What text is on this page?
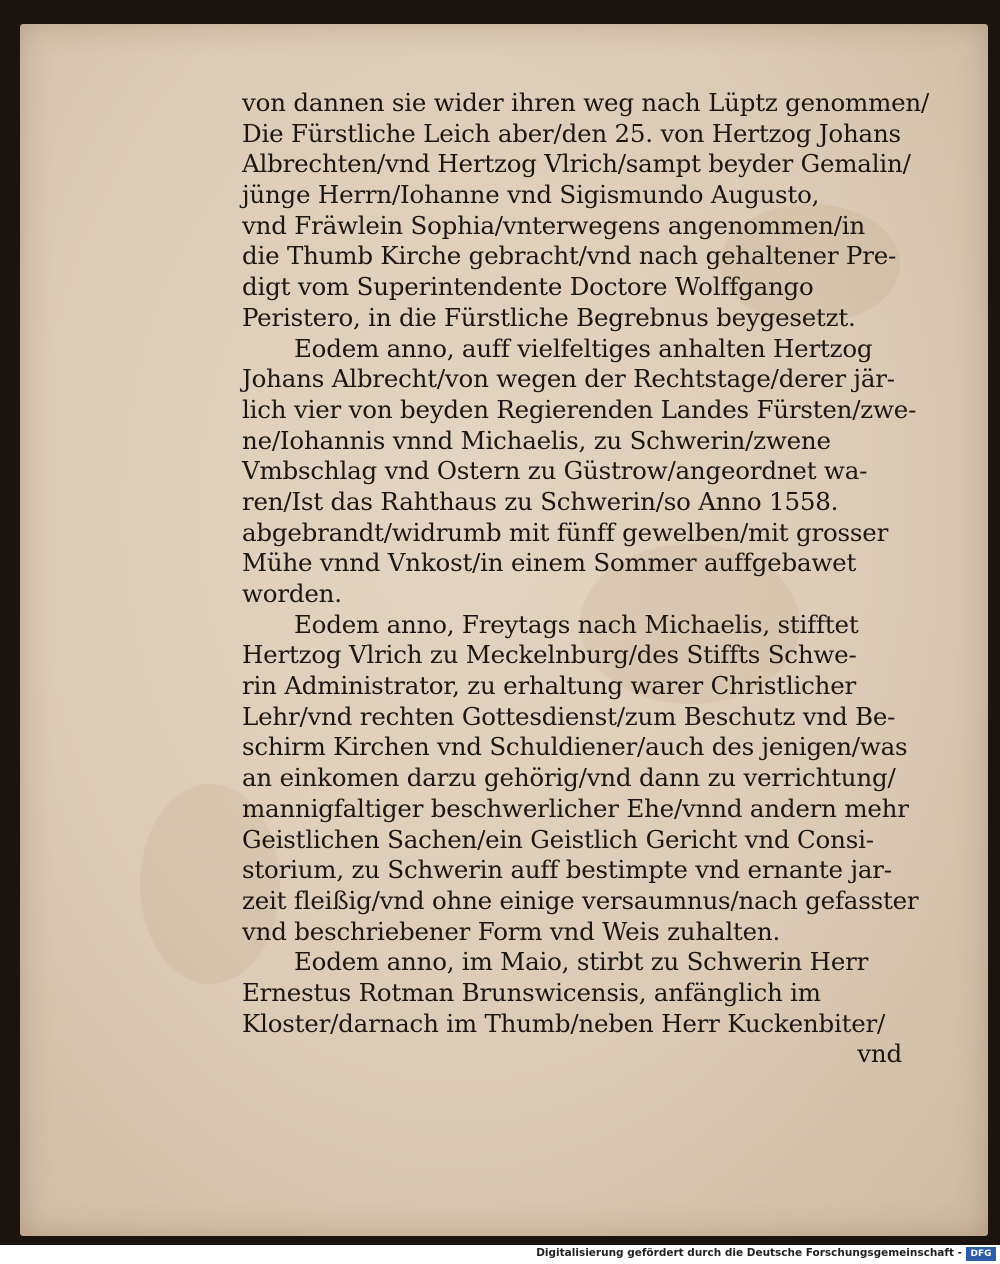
von dannen sie wider ihren weg nach Lüptz genommen/
Die Fürstliche Leich aber/den 25. von Hertzog Johans
Albrechten/vnd Hertzog Vlrich/sampt beyder Gemalin/
jünge Herrn/Iohanne vnd Sigismundo Augusto,
vnd Fräwlein Sophia/vnterwegens angenommen/in
die Thumb Kirche gebracht/vnd nach gehaltener Pre-
digt vom Superintendente Doctore Wolffgango
Peristero, in die Fürstliche Begrebnus beygesetzt.
Eodem anno, auff vielfeltiges anhalten Hertzog
Johans Albrecht/von wegen der Rechtstage/derer jär-
lich vier von beyden Regierenden Landes Fürsten/zwe-
ne/Iohannis vnnd Michaelis, zu Schwerin/zwene
Vmbschlag vnd Ostern zu Güstrow/angeordnet wa-
ren/Ist das Rahthaus zu Schwerin/so Anno 1558.
abgebrandt/widrumb mit fünff gewelben/mit grosser
Mühe vnnd Vnkost/in einem Sommer auffgebawet
worden.
Eodem anno, Freytags nach Michaelis, stifftet
Hertzog Vlrich zu Meckelnburg/des Stiffts Schwe-
rin Administrator, zu erhaltung warer Christlicher
Lehr/vnd rechten Gottesdienst/zum Beschutz vnd Be-
schirm Kirchen vnd Schuldiener/auch des jenigen/was
an einkomen darzu gehörig/vnd dann zu verrichtung/
mannigfaltiger beschwerlicher Ehe/vnnd andern mehr
Geistlichen Sachen/ein Geistlich Gericht vnd Consi-
storium, zu Schwerin auff bestimpte vnd ernante jar-
zeit fleißig/vnd ohne einige versaumnus/nach gefasster
vnd beschriebener Form vnd Weis zuhalten.
Eodem anno, im Maio, stirbt zu Schwerin Herr
Ernestus Rotman Brunswicensis, anfänglich im
Kloster/darnach im Thumb/neben Herr Kuckenbiter/
vnd
Digitalisierung gefördert durch die Deutsche Forschungsgemeinschaft - DFG
